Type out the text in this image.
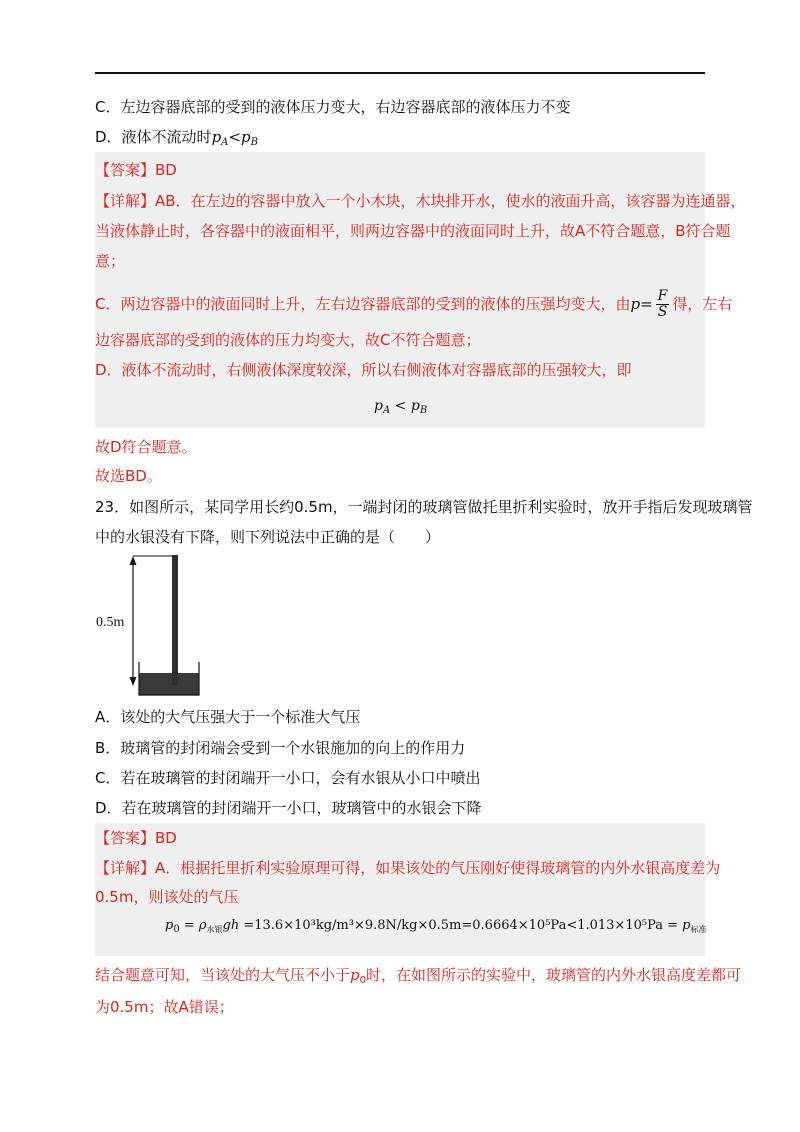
C．左边容器底部的受到的液体压力变大，右边容器底部的液体压力不变
D．液体不流动时$p_A<p_B$
【答案】BD
【详解】AB．在左边的容器中放入一个小木块，木块排开水，使水的液面升高，该容器为连通器，
当液体静止时，各容器中的液面相平，则两边容器中的液面同时上升，故A不符合题意，B符合题
意；
C．两边容器中的液面同时上升，左右边容器底部的受到的液体的压强均变大，由$p= \frac{F}{S}$ 得，左右
边容器底部的受到的液体的压力均变大，故C不符合题意；
D．液体不流动时，右侧液体深度较深，所以右侧液体对容器底部的压强较大，即
$p_A < p_B$
故D符合题意。
故选BD。
23．如图所示，某同学用长约0.5m，一端封闭的玻璃管做托里折利实验时，放开手指后发现玻璃管
中的水银没有下降，则下列说法中正确的是（　　）
0.5m
A．该处的大气压强大于一个标准大气压
B．玻璃管的封闭端会受到一个水银施加的向上的作用力
C．若在玻璃管的封闭端开一小口，会有水银从小口中喷出
D．若在玻璃管的封闭端开一小口，玻璃管中的水银会下降
【答案】BD
【详解】A．根据托里折利实验原理可得，如果该处的气压刚好使得玻璃管的内外水银高度差为
0.5m，则该处的气压
$p_0 = \rho_{水银}gh =13.6\times 10^3kg/m^3\times 9.8N/kg\times 0.5m=0.6664\times 10^5Pa<1.013\times 10^5Pa = p_{标准}$
结合题意可知，当该处的大气压不小于$p_0$时，在如图所示的实验中，玻璃管的内外水银高度差都可
为0.5m；故A错误；
